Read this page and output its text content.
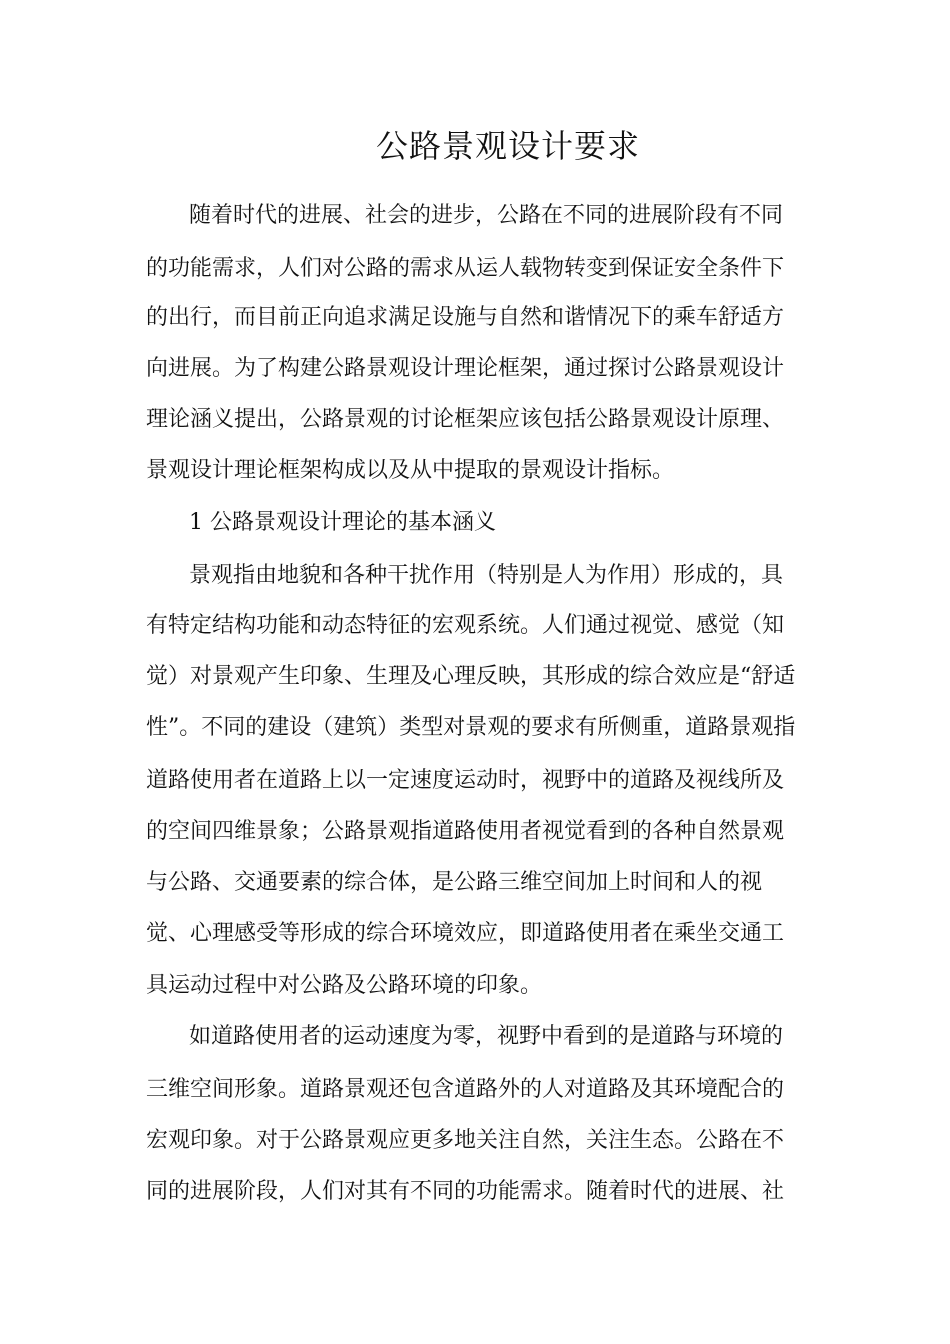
公路景观设计要求

随着时代的进展、社会的进步，公路在不同的进展阶段有不同

的功能需求，人们对公路的需求从运人载物转变到保证安全条件下

的出行，而目前正向追求满足设施与自然和谐情况下的乘车舒适方

向进展。为了构建公路景观设计理论框架，通过探讨公路景观设计

理论涵义提出，公路景观的讨论框架应该包括公路景观设计原理、

景观设计理论框架构成以及从中提取的景观设计指标。

1 公路景观设计理论的基本涵义

景观指由地貌和各种干扰作用（特别是人为作用）形成的，具

有特定结构功能和动态特征的宏观系统。人们通过视觉、感觉（知

觉）对景观产生印象、生理及心理反映，其形成的综合效应是“舒适

性”。不同的建设（建筑）类型对景观的要求有所侧重，道路景观指

道路使用者在道路上以一定速度运动时，视野中的道路及视线所及

的空间四维景象；公路景观指道路使用者视觉看到的各种自然景观

与公路、交通要素的综合体，是公路三维空间加上时间和人的视

觉、心理感受等形成的综合环境效应，即道路使用者在乘坐交通工

具运动过程中对公路及公路环境的印象。

如道路使用者的运动速度为零，视野中看到的是道路与环境的

三维空间形象。道路景观还包含道路外的人对道路及其环境配合的

宏观印象。对于公路景观应更多地关注自然，关注生态。公路在不

同的进展阶段，人们对其有不同的功能需求。随着时代的进展、社
